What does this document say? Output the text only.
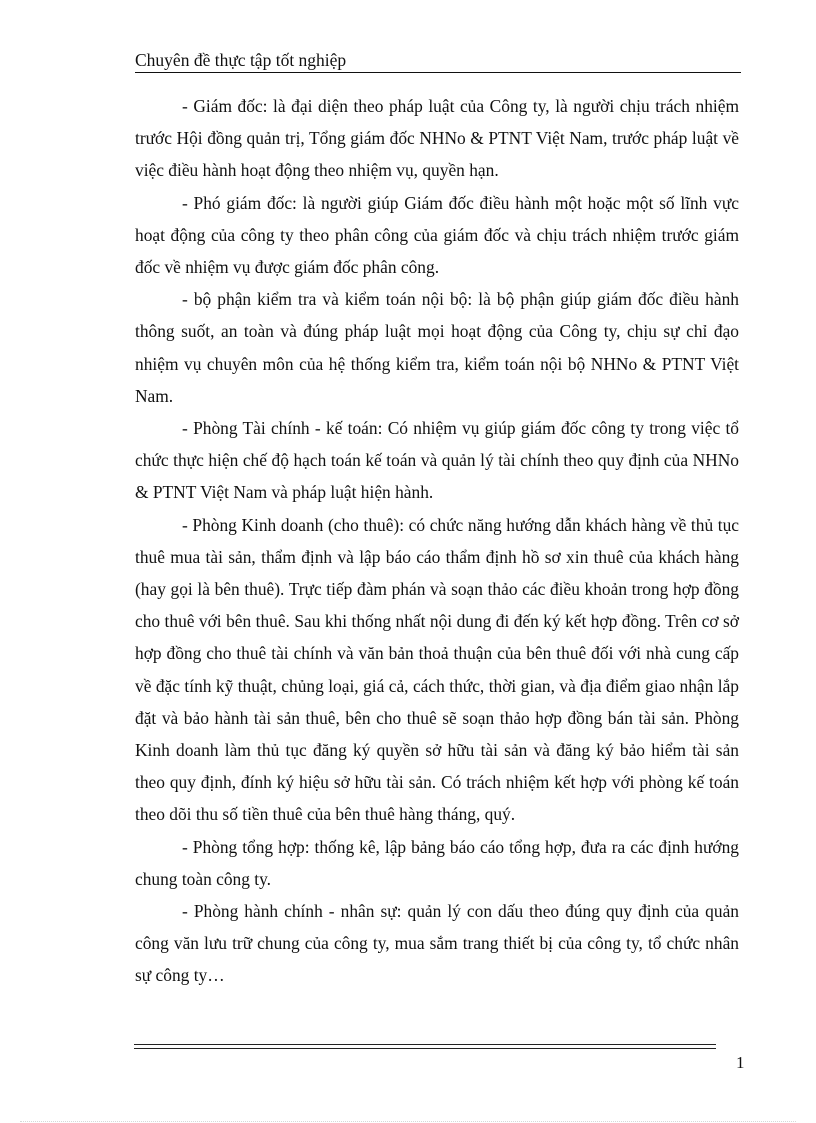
Chuyên đề thực tập tốt nghiệp

- Giám đốc: là đại diện theo pháp luật của Công ty, là người chịu trách nhiệm trước Hội đồng quản trị, Tổng giám đốc NHNo & PTNT Việt Nam, trước pháp luật về việc điều hành hoạt động theo nhiệm vụ, quyền hạn.

- Phó giám đốc: là người giúp Giám đốc điều hành một hoặc một số lĩnh vực hoạt động của công ty theo phân công của giám đốc và chịu trách nhiệm trước giám đốc về nhiệm vụ được giám đốc phân công.

- bộ phận kiểm tra và kiểm toán nội bộ: là bộ phận giúp giám đốc điều hành thông suốt, an toàn và đúng pháp luật mọi hoạt động của Công ty, chịu sự chỉ đạo nhiệm vụ chuyên môn của hệ thống kiểm tra, kiểm toán nội bộ NHNo & PTNT Việt Nam.

- Phòng Tài chính - kế toán: Có nhiệm vụ giúp giám đốc công ty trong việc tổ chức thực hiện chế độ hạch toán kế toán và quản lý tài chính theo quy định của NHNo & PTNT Việt Nam và pháp luật hiện hành.

- Phòng Kinh doanh (cho thuê): có chức năng hướng dẫn khách hàng về thủ tục thuê mua tài sản, thẩm định và lập báo cáo thẩm định hồ sơ xin thuê của khách hàng (hay gọi là bên thuê). Trực tiếp đàm phán và soạn thảo các điều khoản trong hợp đồng cho thuê với bên thuê. Sau khi thống nhất nội dung đi đến ký kết hợp đồng. Trên cơ sở hợp đồng cho thuê tài chính và văn bản thoả thuận của bên thuê đối với nhà cung cấp về đặc tính kỹ thuật, chủng loại, giá cả, cách thức, thời gian, và địa điểm giao nhận lắp đặt và bảo hành tài sản thuê, bên cho thuê sẽ soạn thảo hợp đồng bán tài sản. Phòng Kinh doanh làm thủ tục đăng ký quyền sở hữu tài sản và đăng ký bảo hiểm tài sản theo quy định, đính ký hiệu sở hữu tài sản. Có trách nhiệm kết hợp với phòng kế toán theo dõi thu số tiền thuê của bên thuê hàng tháng, quý.

- Phòng tổng hợp: thống kê, lập bảng báo cáo tổng hợp, đưa ra các định hướng chung toàn công ty.

- Phòng hành chính - nhân sự: quản lý con dấu theo đúng quy định của quản công văn lưu trữ chung của công ty, mua sắm trang thiết bị của công ty, tổ chức nhân sự công ty…

1
